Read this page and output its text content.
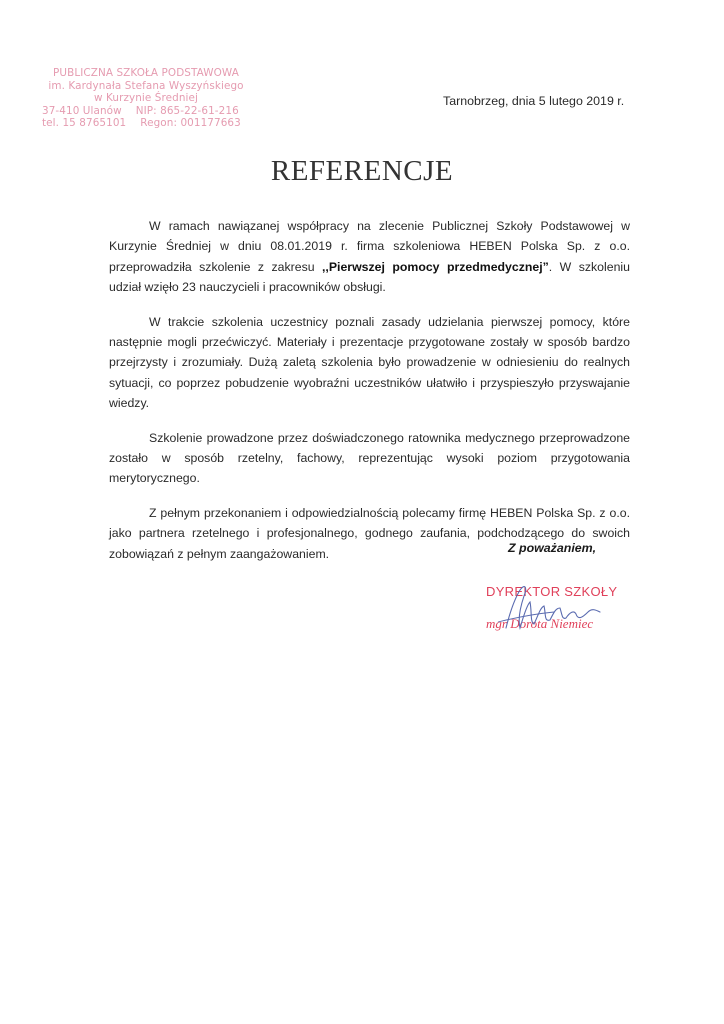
PUBLICZNA SZKOŁA PODSTAWOWA
im. Kardynała Stefana Wyszyńskiego
w Kurzynie Średniej
37-410 Ulanów NIP: 865-22-61-216
tel. 15 8765101 Regon: 001177663
Tarnobrzeg, dnia 5 lutego 2019 r.
REFERENCJE

W ramach nawiązanej współpracy na zlecenie Publicznej Szkoły Podstawowej w Kurzynie Średniej w dniu 08.01.2019 r. firma szkoleniowa HEBEN Polska Sp. z o.o. przeprowadziła szkolenie z zakresu ,,Pierwszej pomocy przedmedycznej”. W szkoleniu udział wzięło 23 nauczycieli i pracowników obsługi.

W trakcie szkolenia uczestnicy poznali zasady udzielania pierwszej pomocy, które następnie mogli przećwiczyć. Materiały i prezentacje przygotowane zostały w sposób bardzo przejrzysty i zrozumiały. Dużą zaletą szkolenia było prowadzenie w odniesieniu do realnych sytuacji, co poprzez pobudzenie wyobraźni uczestników ułatwiło i przyspieszyło przyswajanie wiedzy.

Szkolenie prowadzone przez doświadczonego ratownika medycznego przeprowadzone zostało w sposób rzetelny, fachowy, reprezentując wysoki poziom przygotowania merytorycznego.

Z pełnym przekonaniem i odpowiedzialnością polecamy firmę HEBEN Polska Sp. z o.o. jako partnera rzetelnego i profesjonalnego, godnego zaufania, podchodzącego do swoich zobowiązań z pełnym zaangażowaniem.	Z poważaniem,
DYREKTOR SZKOŁY
mgr Dorota Niemiec
